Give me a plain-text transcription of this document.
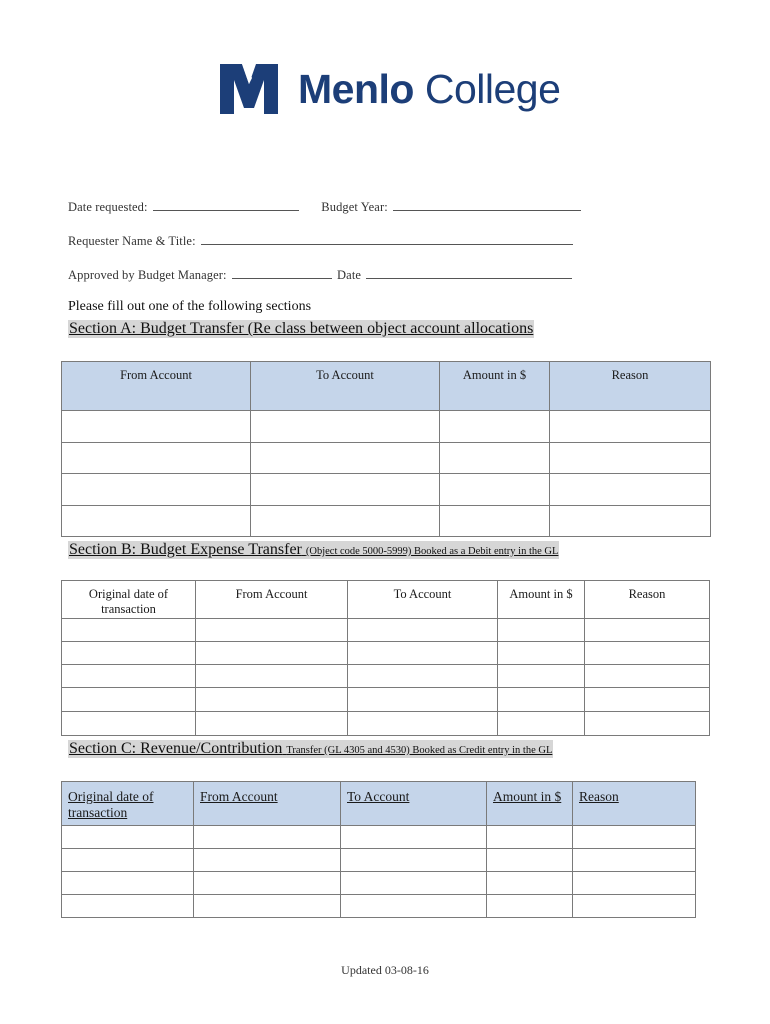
Menlo College
Date requested:	Budget Year:
Requester Name & Title:
Approved by Budget Manager:	Date
Please fill out one of the following sections
Section A: Budget Transfer (Re class between object account allocations
From Account	To Account	Amount in $	Reason

Section B: Budget Expense Transfer (Object code 5000-5999) Booked as a Debit entry in the GL
Original date of transaction	From Account	To Account	Amount in $	Reason

Section C: Revenue/Contribution Transfer (GL 4305 and 4530) Booked as Credit entry in the GL
Original date of transaction	From Account	To Account	Amount in $	Reason

Updated 03-08-16
